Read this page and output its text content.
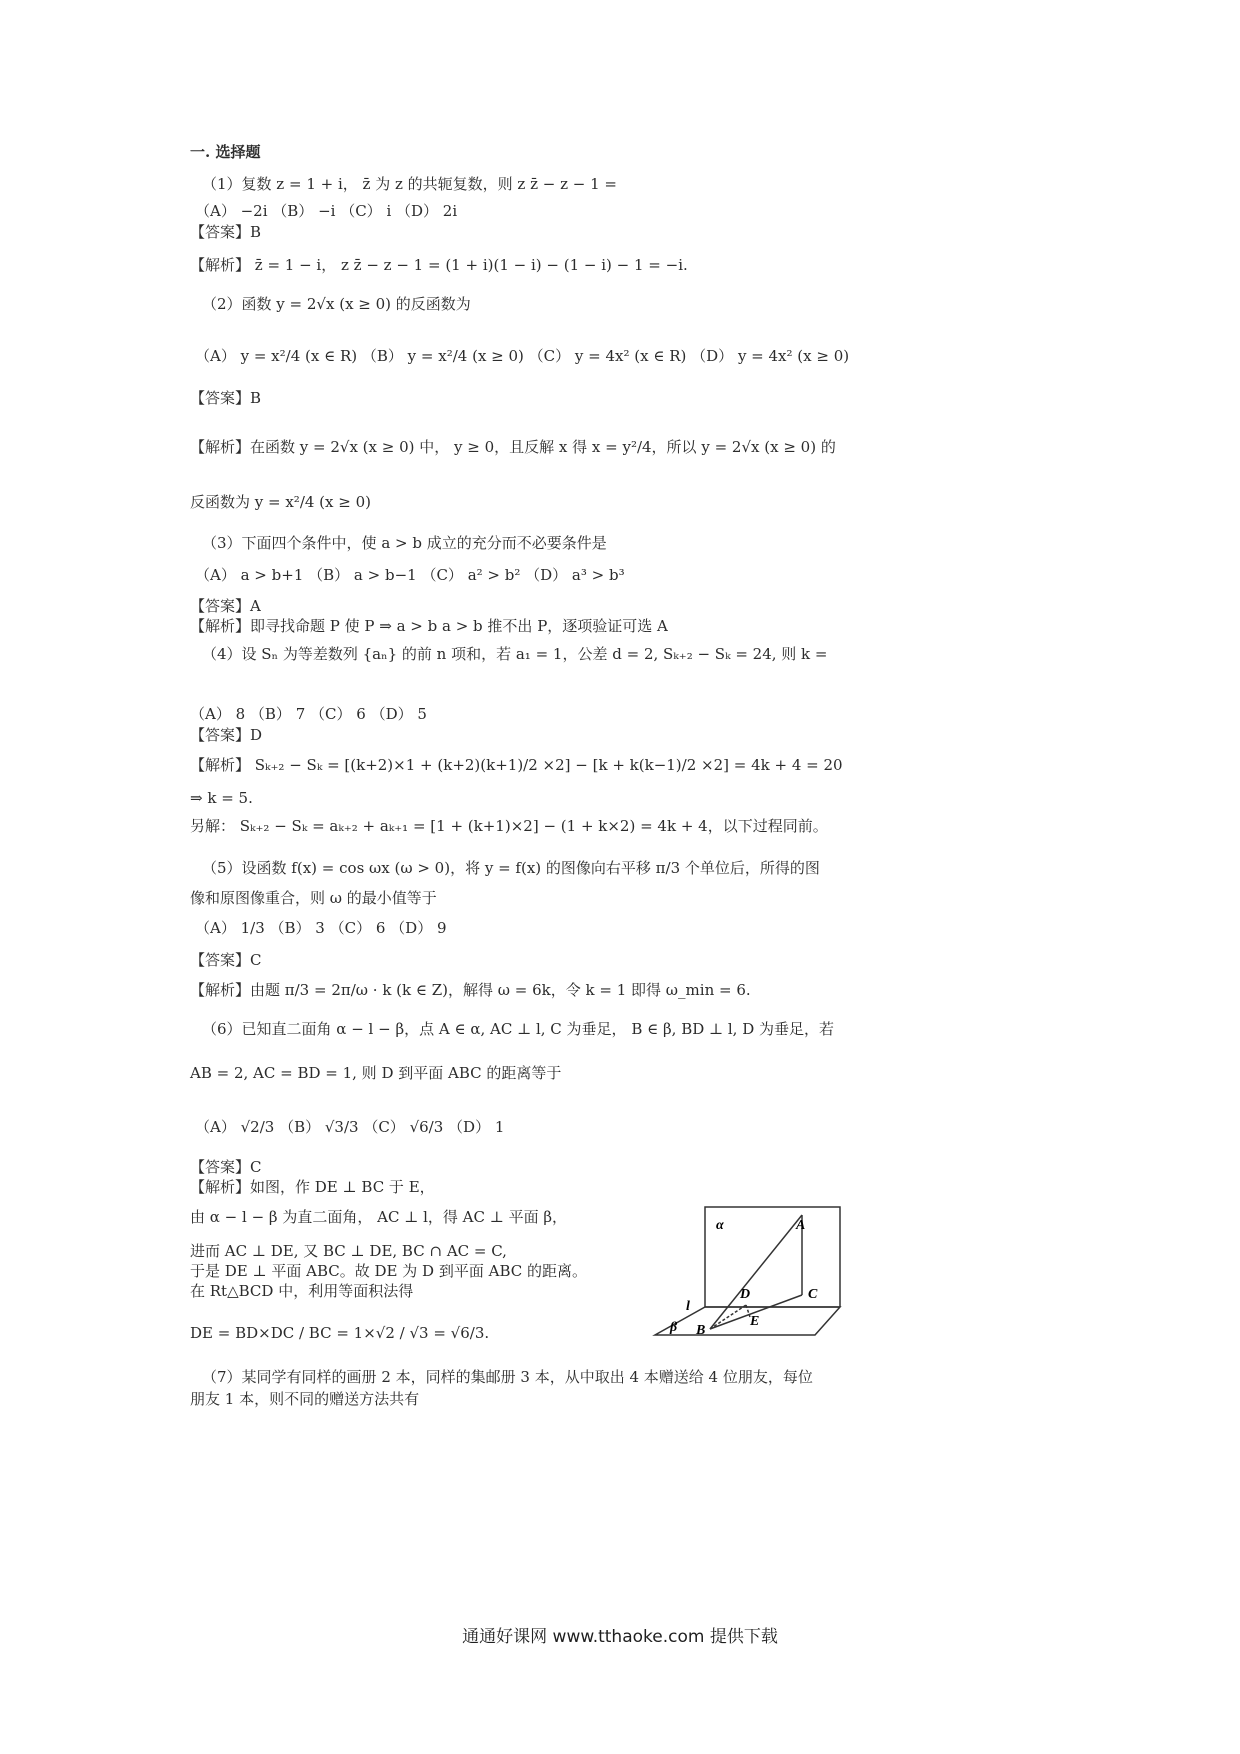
一. 选择题
（1）复数 z = 1 + i， z̄ 为 z 的共轭复数，则 z z̄ − z − 1 =
（A） −2i （B） −i （C） i （D） 2i
【答案】B
【解析】 z̄ = 1 − i， z z̄ − z − 1 = (1 + i)(1 − i) − (1 − i) − 1 = −i.
（2）函数 y = 2√x (x ≥ 0) 的反函数为
（A） y = x²/4 (x ∈ R) （B） y = x²/4 (x ≥ 0) （C） y = 4x² (x ∈ R) （D） y = 4x² (x ≥ 0)
【答案】B
【解析】在函数 y = 2√x (x ≥ 0) 中， y ≥ 0，且反解 x 得 x = y²/4，所以 y = 2√x (x ≥ 0) 的
反函数为 y = x²/4 (x ≥ 0)
（3）下面四个条件中，使 a > b 成立的充分而不必要条件是
（A） a > b+1 （B） a > b−1 （C） a² > b² （D） a³ > b³
【答案】A
【解析】即寻找命题 P 使 P ⇒ a > b a > b 推不出 P，逐项验证可选 A
（4）设 Sₙ 为等差数列 {aₙ} 的前 n 项和，若 a₁ = 1，公差 d = 2, Sₖ₊₂ − Sₖ = 24, 则 k =
（A） 8 （B） 7 （C） 6 （D） 5
【答案】D
【解析】 Sₖ₊₂ − Sₖ = [(k+2)×1 + (k+2)(k+1)/2 ×2] − [k + k(k−1)/2 ×2] = 4k + 4 = 20
⇒ k = 5.
另解： Sₖ₊₂ − Sₖ = aₖ₊₂ + aₖ₊₁ = [1 + (k+1)×2] − (1 + k×2) = 4k + 4，以下过程同前。
（5）设函数 f(x) = cos ωx (ω > 0)，将 y = f(x) 的图像向右平移 π/3 个单位后，所得的图
像和原图像重合，则 ω 的最小值等于
（A） 1/3 （B） 3 （C） 6 （D） 9
【答案】C
【解析】由题 π/3 = 2π/ω · k (k ∈ Z)，解得 ω = 6k，令 k = 1 即得 ω_min = 6.
（6）已知直二面角 α − l − β，点 A ∈ α, AC ⊥ l, C 为垂足， B ∈ β, BD ⊥ l, D 为垂足，若
AB = 2, AC = BD = 1, 则 D 到平面 ABC 的距离等于
（A） √2/3 （B） √3/3 （C） √6/3 （D） 1
【答案】C
【解析】如图，作 DE ⊥ BC 于 E，
由 α − l − β 为直二面角， AC ⊥ l，得 AC ⊥ 平面 β，
进而 AC ⊥ DE, 又 BC ⊥ DE, BC ∩ AC = C,
于是 DE ⊥ 平面 ABC。故 DE 为 D 到平面 ABC 的距离。
在 Rt△BCD 中，利用等面积法得
DE = BD×DC / BC = 1×√2 / √3 = √6/3.
α	A
l
D	C
β B
E
（7）某同学有同样的画册 2 本，同样的集邮册 3 本，从中取出 4 本赠送给 4 位朋友，每位
朋友 1 本，则不同的赠送方法共有
通通好课网 www.tthaoke.com 提供下载
